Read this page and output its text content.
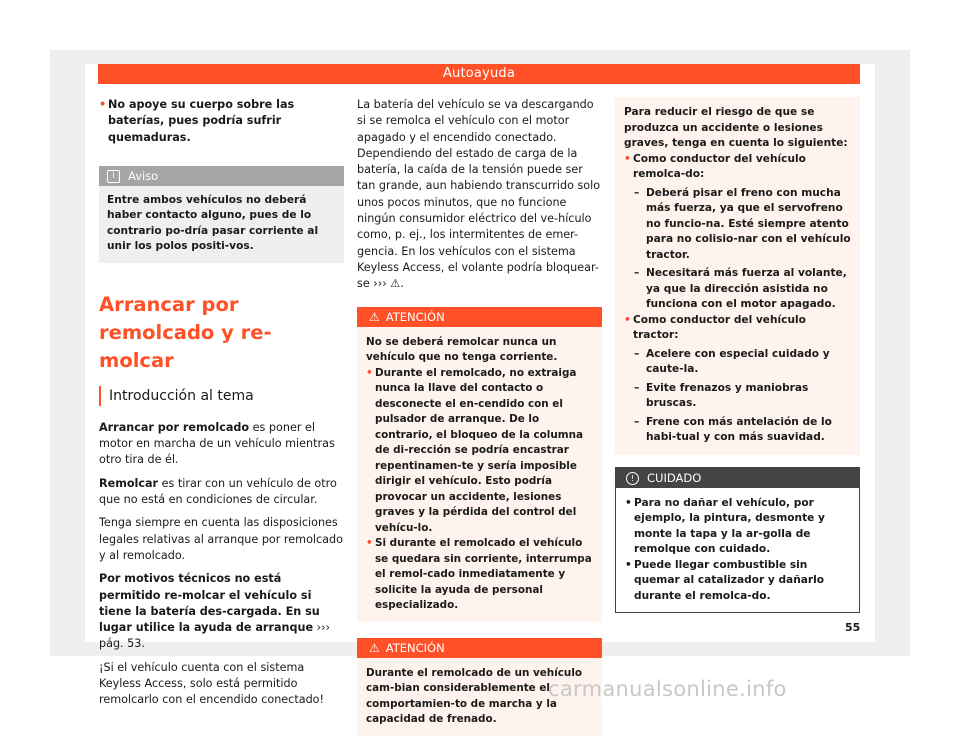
Autoayuda
• No apoye su cuerpo sobre las baterías, pues podría sufrir quemaduras.
i Aviso
Entre ambos vehículos no deberá haber contacto alguno, pues de lo contrario po-dría pasar corriente al unir los polos positi-vos.
Arrancar por remolcado y re-molcar
Introducción al tema

Arrancar por remolcado es poner el motor en marcha de un vehículo mientras otro tira de él.

Remolcar es tirar con un vehículo de otro que no está en condiciones de circular.

Tenga siempre en cuenta las disposiciones legales relativas al arranque por remolcado y al remolcado.

Por motivos técnicos no está permitido re-molcar el vehículo si tiene la batería des-cargada. En su lugar utilice la ayuda de arranque ››› pág. 53.

¡Si el vehículo cuenta con el sistema Keyless Access, solo está permitido remolcarlo con el encendido conectado!

La batería del vehículo se va descargando si se remolca el vehículo con el motor apagado y el encendido conectado. Dependiendo del estado de carga de la batería, la caída de la tensión puede ser tan grande, aun habiendo transcurrido solo unos pocos minutos, que no funcione ningún consumidor eléctrico del ve-hículo como, p. ej., los intermitentes de emer-gencia. En los vehículos con el sistema Keyless Access, el volante podría bloquear-se ››› ⚠.

⚠ ATENCIÓN
No se deberá remolcar nunca un vehículo que no tenga corriente.
• Durante el remolcado, no extraiga nunca la llave del contacto o desconecte el en-cendido con el pulsador de arranque. De lo contrario, el bloqueo de la columna de di-rección se podría encastrar repentinamen-te y sería imposible dirigir el vehículo. Esto podría provocar un accidente, lesiones graves y la pérdida del control del vehícu-lo.
• Si durante el remolcado el vehículo se quedara sin corriente, interrumpa el remol-cado inmediatamente y solicite la ayuda de personal especializado.
⚠ ATENCIÓN
Durante el remolcado de un vehículo cam-bian considerablemente el comportamien-to de marcha y la capacidad de frenado.
Para reducir el riesgo de que se produzca un accidente o lesiones graves, tenga en cuenta lo siguiente:
• Como conductor del vehículo remolca-do:
– Deberá pisar el freno con mucha más fuerza, ya que el servofreno no funcio-na. Esté siempre atento para no colisio-nar con el vehículo tractor.
– Necesitará más fuerza al volante, ya que la dirección asistida no funciona con el motor apagado.
• Como conductor del vehículo tractor:
– Acelere con especial cuidado y caute-la.
– Evite frenazos y maniobras bruscas.
– Frene con más antelación de lo habi-tual y con más suavidad.
! CUIDADO
• Para no dañar el vehículo, por ejemplo, la pintura, desmonte y monte la tapa y la ar-golla de remolque con cuidado.
• Puede llegar combustible sin quemar al catalizador y dañarlo durante el remolca-do.
55
carmanualsonline.info
